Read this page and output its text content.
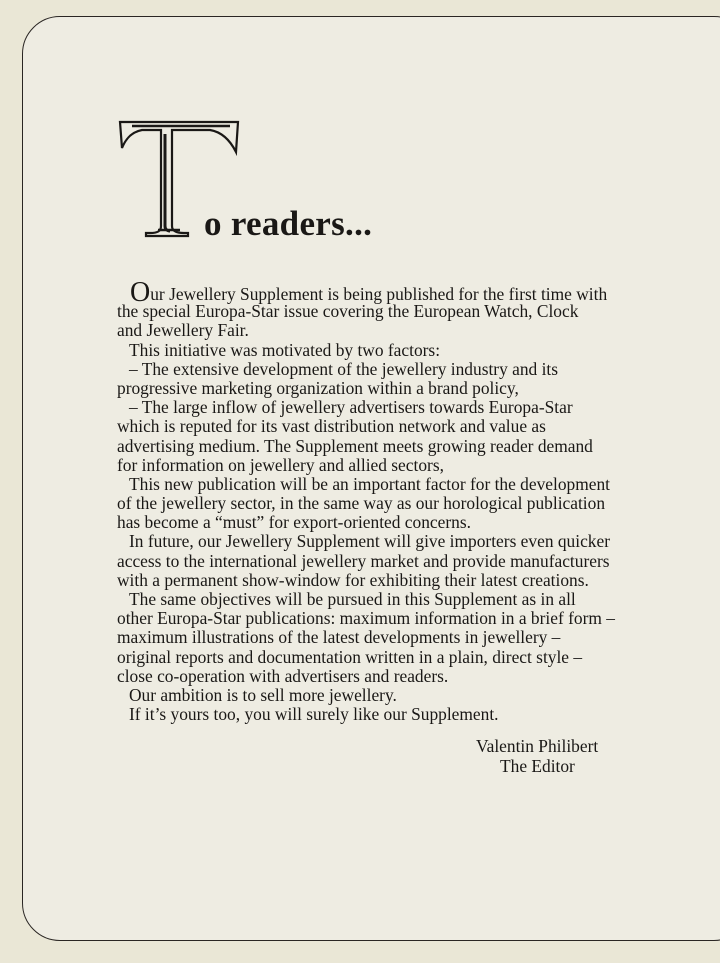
o readers...
Our Jewellery Supplement is being published for the first time with
the special Europa-Star issue covering the European Watch, Clock
and Jewellery Fair.
This initiative was motivated by two factors:
– The extensive development of the jewellery industry and its
progressive marketing organization within a brand policy,
– The large inflow of jewellery advertisers towards Europa-Star
which is reputed for its vast distribution network and value as
advertising medium. The Supplement meets growing reader demand
for information on jewellery and allied sectors,
This new publication will be an important factor for the development
of the jewellery sector, in the same way as our horological publication
has become a “must” for export-oriented concerns.
In future, our Jewellery Supplement will give importers even quicker
access to the international jewellery market and provide manufacturers
with a permanent show-window for exhibiting their latest creations.
The same objectives will be pursued in this Supplement as in all
other Europa-Star publications: maximum information in a brief form –
maximum illustrations of the latest developments in jewellery –
original reports and documentation written in a plain, direct style –
close co-operation with advertisers and readers.
Our ambition is to sell more jewellery.
If it’s yours too, you will surely like our Supplement.
Valentin Philibert
The Editor
